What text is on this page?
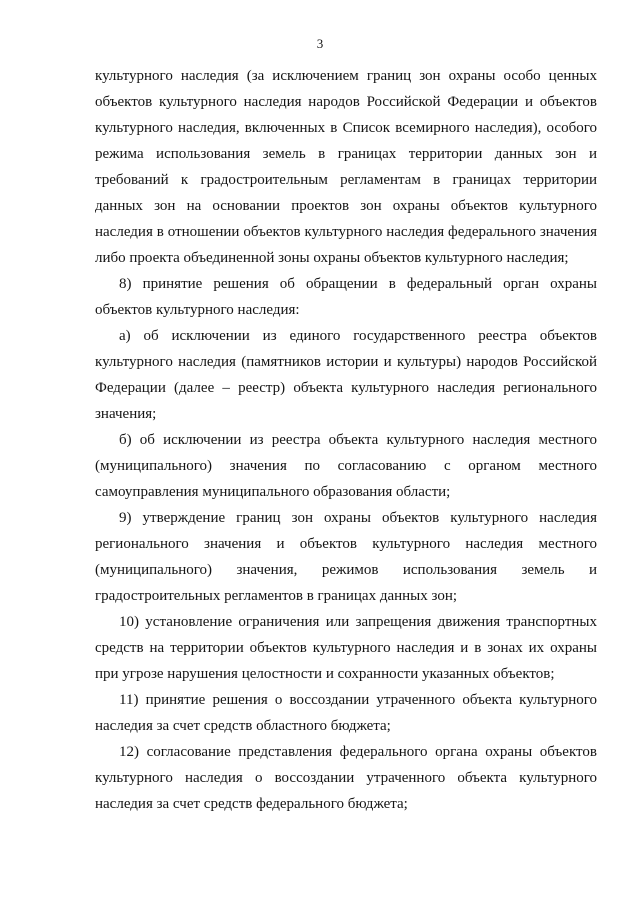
3

культурного наследия (за исключением границ зон охраны особо ценных объектов культурного наследия народов Российской Федерации и объектов культурного наследия, включенных в Список всемирного наследия), особого режима использования земель в границах территории данных зон и требований к градостроительным регламентам в границах территории данных зон на основании проектов зон охраны объектов культурного наследия в отношении объектов культурного наследия федерального значения либо проекта объединенной зоны охраны объектов культурного наследия;

8) принятие решения об обращении в федеральный орган охраны объектов культурного наследия:

а) об исключении из единого государственного реестра объектов культурного наследия (памятников истории и культуры) народов Российской Федерации (далее – реестр) объекта культурного наследия регионального значения;

б) об исключении из реестра объекта культурного наследия местного (муниципального) значения по согласованию с органом местного самоуправления муниципального образования области;

9) утверждение границ зон охраны объектов культурного наследия регионального значения и объектов культурного наследия местного (муниципального) значения, режимов использования земель и градостроительных регламентов в границах данных зон;

10) установление ограничения или запрещения движения транспортных средств на территории объектов культурного наследия и в зонах их охраны при угрозе нарушения целостности и сохранности указанных объектов;

11) принятие решения о воссоздании утраченного объекта культурного наследия за счет средств областного бюджета;

12) согласование представления федерального органа охраны объектов культурного наследия о воссоздании утраченного объекта культурного наследия за счет средств федерального бюджета;
